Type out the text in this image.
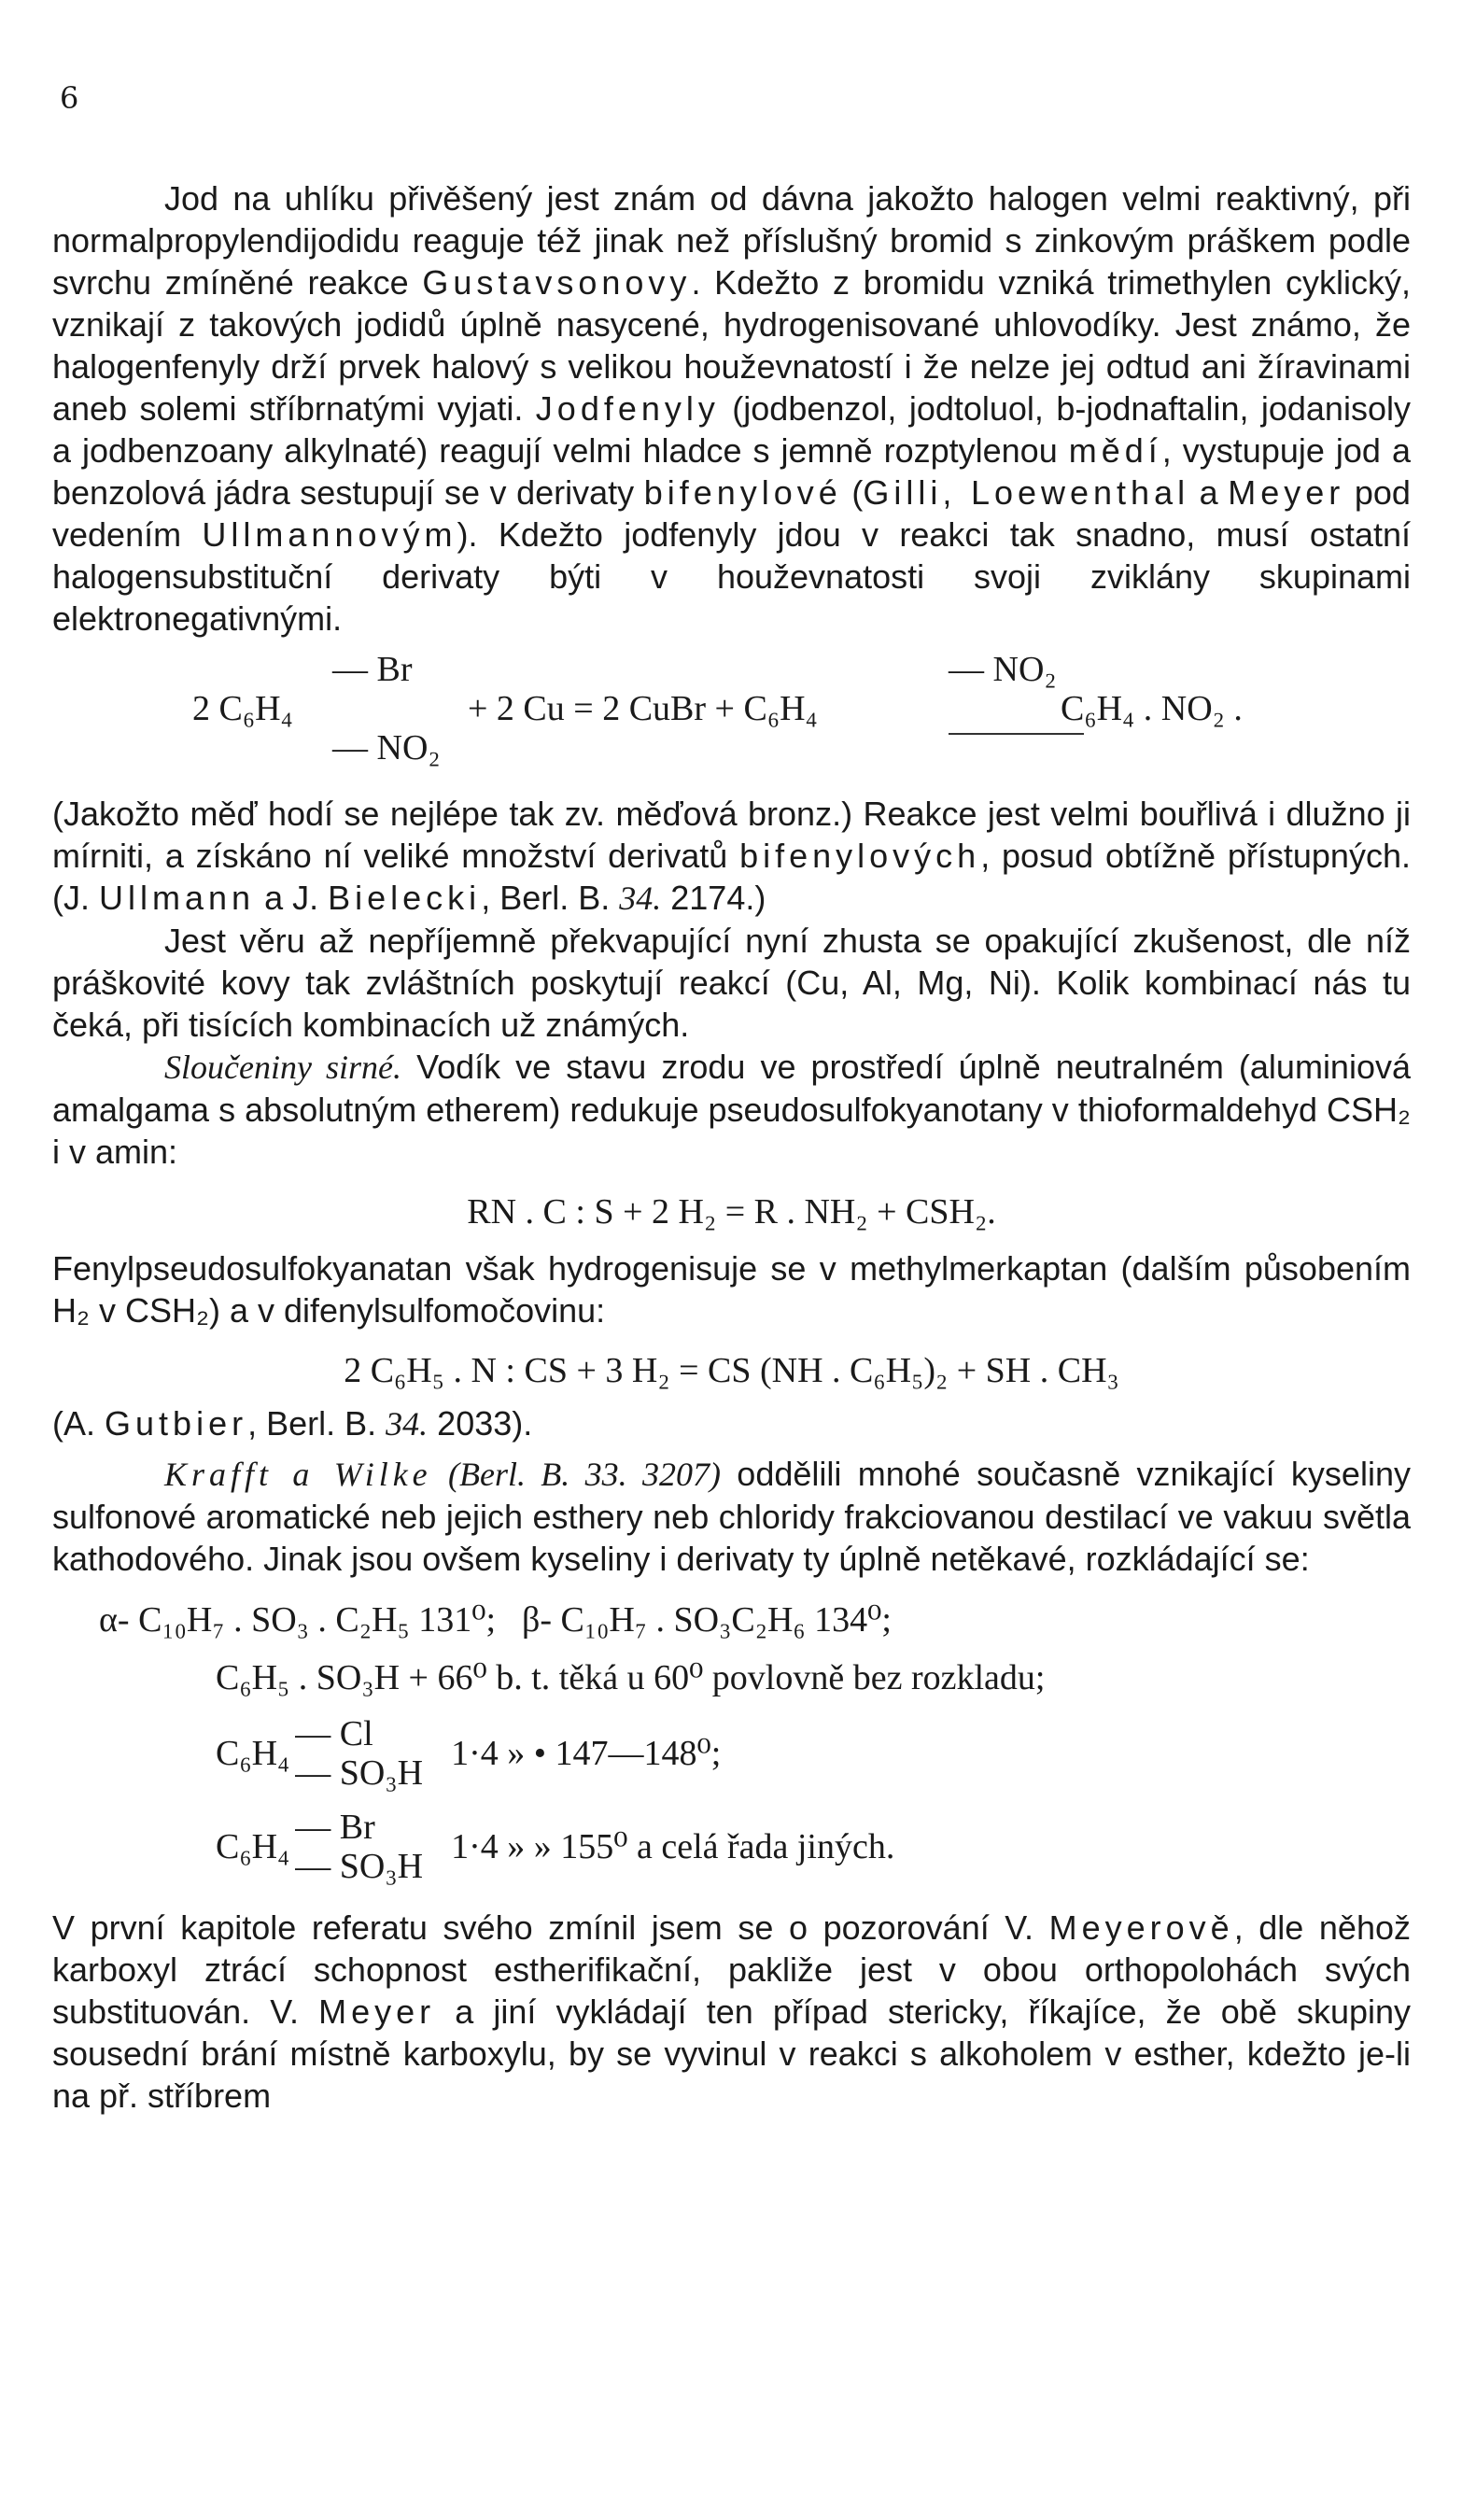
6

Jod na uhlíku přivěšený jest znám od dávna jakožto halogen velmi reaktivný, při normalpropylendijodidu reaguje též jinak než příslušný bromid s zinkovým práškem podle svrchu zmíněné reakce Gustavsonovy. Kdežto z bromidu vzniká trimethylen cyklický, vznikají z takových jodidů úplně nasycené, hydrogenisované uhlovodíky. Jest známo, že halogenfenyly drží prvek halový s velikou houževnatostí i že nelze jej odtud ani žíravinami aneb solemi stříbrnatými vyjati. Jodfenyly (jodbenzol, jodtoluol, b-jodnaftalin, jodanisoly a jodbenzoany alkylnaté) reagují velmi hladce s jemně rozptylenou mědí, vystupuje jod a benzolová jádra sestupují se v derivaty bifenylové (Gilli, Loewenthal a Meyer pod vedením Ullmannovým). Kdežto jodfenyly jdou v reakci tak snadno, musí ostatní halogensubstituční derivaty býti v houževnatosti svoji zviklány skupinami elektronegativnými.

— Br
2 C₆H₄
— NO₂
+ 2 Cu = 2 CuBr + C₆H₄
— NO₂
C₆H₄ . NO₂ .

(Jakožto měď hodí se nejlépe tak zv. měďová bronz.) Reakce jest velmi bouřlivá i dlužno ji mírniti, a získáno ní veliké množství derivatů bifenylových, posud obtížně přístupných. (J. Ullmann a J. Bielecki, Berl. B. 34. 2174.)

Jest věru až nepříjemně překvapující nyní zhusta se opakující zkušenost, dle níž práškovité kovy tak zvláštních poskytují reakcí (Cu, Al, Mg, Ni). Kolik kombinací nás tu čeká, při tisících kombinacích už známých.

Sloučeniny sirné. Vodík ve stavu zrodu ve prostředí úplně neutralném (aluminiová amalgama s absolutným etherem) redukuje pseudosulfokyanotany v thioformaldehyd CSH₂ i v amin:

RN . C : S + 2 H₂ = R . NH₂ + CSH₂.

Fenylpseudosulfokyanatan však hydrogenisuje se v methylmerkaptan (dalším působením H₂ v CSH₂) a v difenylsulfomočovinu:

2 C₆H₅ . N : CS + 3 H₂ = CS (NH . C₆H₅)₂ + SH . CH₃

(A. Gutbier, Berl. B. 34. 2033).

Krafft a Wilke (Berl. B. 33. 3207) oddělili mnohé současně vznikající kyseliny sulfonové aromatické neb jejich esthery neb chloridy frakciovanou destilací ve vakuu světla kathodového. Jinak jsou ovšem kyseliny i derivaty ty úplně netěkavé, rozkládající se:

α- C₁₀H₇ . SO₃ . C₂H₅ 131⁰; β- C₁₀H₇ . SO₃C₂H₆ 134⁰;
C₆H₅ . SO₃H + 66⁰ b. t. těká u 60⁰ povlovně bez rozkladu;
C₆H₄ — Cl
— SO₃H 1·4 » • 147—148⁰;
C₆H₄ — Br
— SO₃H 1·4 » » 155⁰ a celá řada jiných.

V první kapitole referatu svého zmínil jsem se o pozorování V. Meyerově, dle něhož karboxyl ztrácí schopnost estherifikační, pakliže jest v obou orthopolohách svých substituován. V. Meyer a jiní vykládají ten případ stericky, říkajíce, že obě skupiny sousední brání místně karboxylu, by se vyvinul v reakci s alkoholem v esther, kdežto je-li na př. stříbrem
